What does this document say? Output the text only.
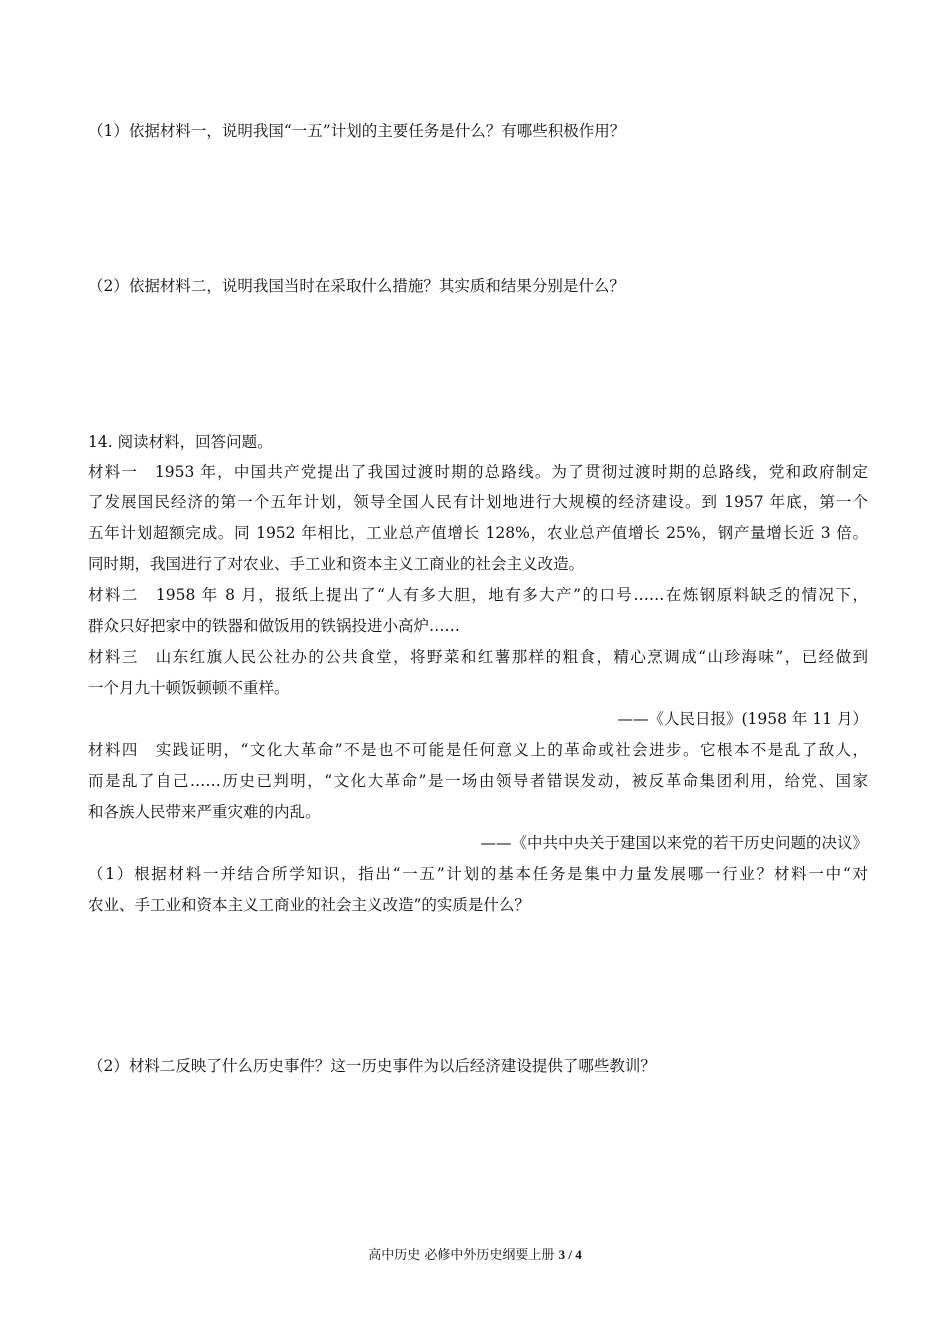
（1）依据材料一，说明我国“一五”计划的主要任务是什么？有哪些积极作用？
（2）依据材料二，说明我国当时在采取什么措施？其实质和结果分别是什么？
14. 阅读材料，回答问题。
材料一　1953 年，中国共产党提出了我国过渡时期的总路线。为了贯彻过渡时期的总路线，党和政府制定
了发展国民经济的第一个五年计划，领导全国人民有计划地进行大规模的经济建设。到 1957 年底，第一个
五年计划超额完成。同 1952 年相比，工业总产值增长 128%，农业总产值增长 25%，钢产量增长近 3 倍。
同时期，我国进行了对农业、手工业和资本主义工商业的社会主义改造。
材料二　1958 年 8 月，报纸上提出了“人有多大胆，地有多大产”的口号……在炼钢原料缺乏的情况下，
群众只好把家中的铁器和做饭用的铁锅投进小高炉……
材料三　山东红旗人民公社办的公共食堂，将野菜和红薯那样的粗食，精心烹调成“山珍海味”，已经做到
一个月九十顿饭顿顿不重样。
——《人民日报》(1958 年 11 月）
材料四　实践证明，“文化大革命”不是也不可能是任何意义上的革命或社会进步。它根本不是乱了敌人，
而是乱了自己……历史已判明，“文化大革命”是一场由领导者错误发动，被反革命集团利用，给党、国家
和各族人民带来严重灾难的内乱。
——《中共中央关于建国以来党的若干历史问题的决议》
（1）根据材料一并结合所学知识，指出“一五”计划的基本任务是集中力量发展哪一行业？材料一中“对
农业、手工业和资本主义工商业的社会主义改造”的实质是什么？
（2）材料二反映了什么历史事件？这一历史事件为以后经济建设提供了哪些教训？
高中历史 必修中外历史纲要上册 3 / 4
